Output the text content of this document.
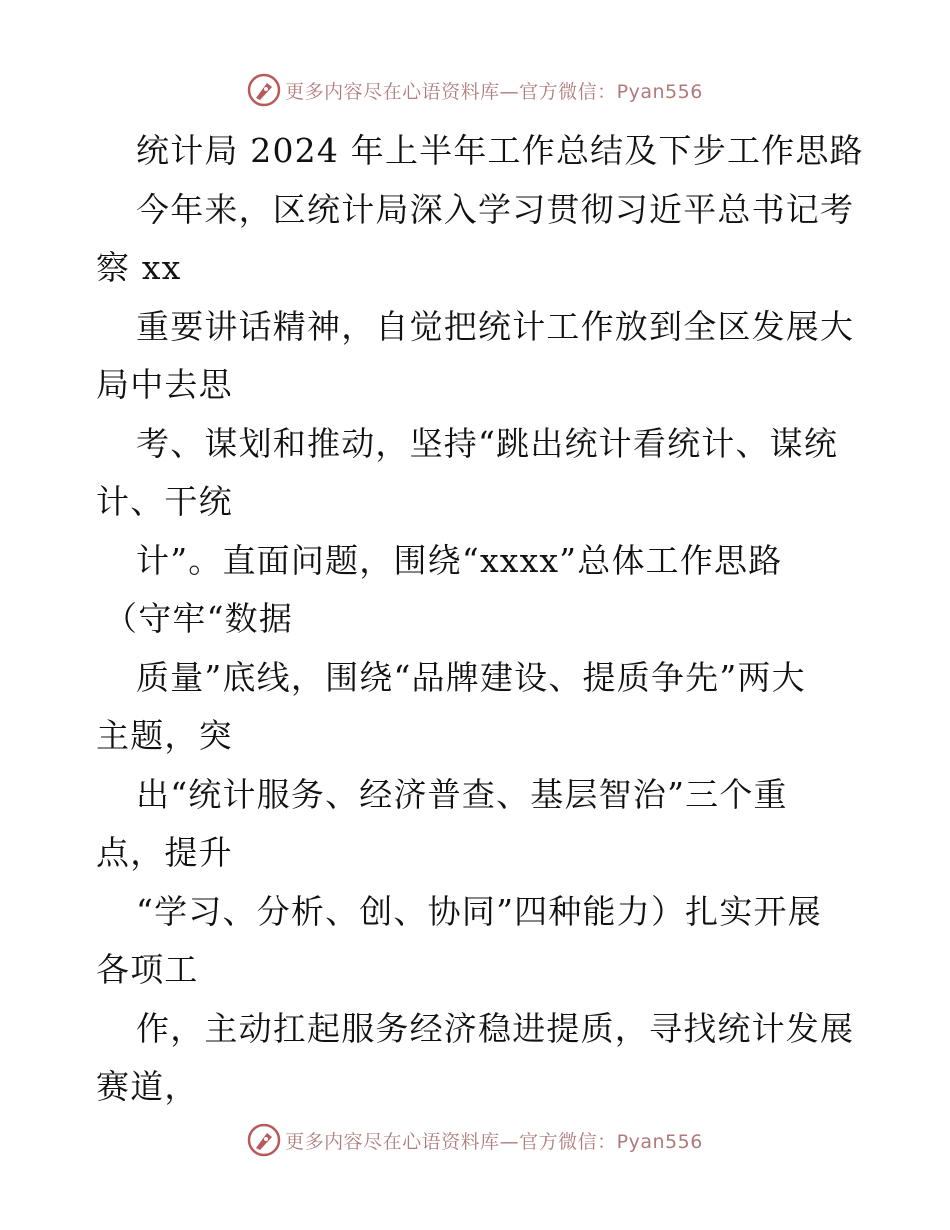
更多内容尽在心语资料库—官方微信：Pyan556
统计局 2024 年上半年工作总结及下步工作思路
今年来，区统计局深入学习贯彻习近平总书记考
察 xx
重要讲话精神，自觉把统计工作放到全区发展大
局中去思
考、谋划和推动，坚持“跳出统计看统计、谋统
计、干统
计”。直面问题，围绕“xxxx”总体工作思路
（守牢“数据
质量”底线，围绕“品牌建设、提质争先”两大
主题，突
出“统计服务、经济普查、基层智治”三个重
点，提升
“学习、分析、创、协同”四种能力）扎实开展
各项工
作，主动扛起服务经济稳进提质，寻找统计发展
赛道，
更多内容尽在心语资料库—官方微信：Pyan556
